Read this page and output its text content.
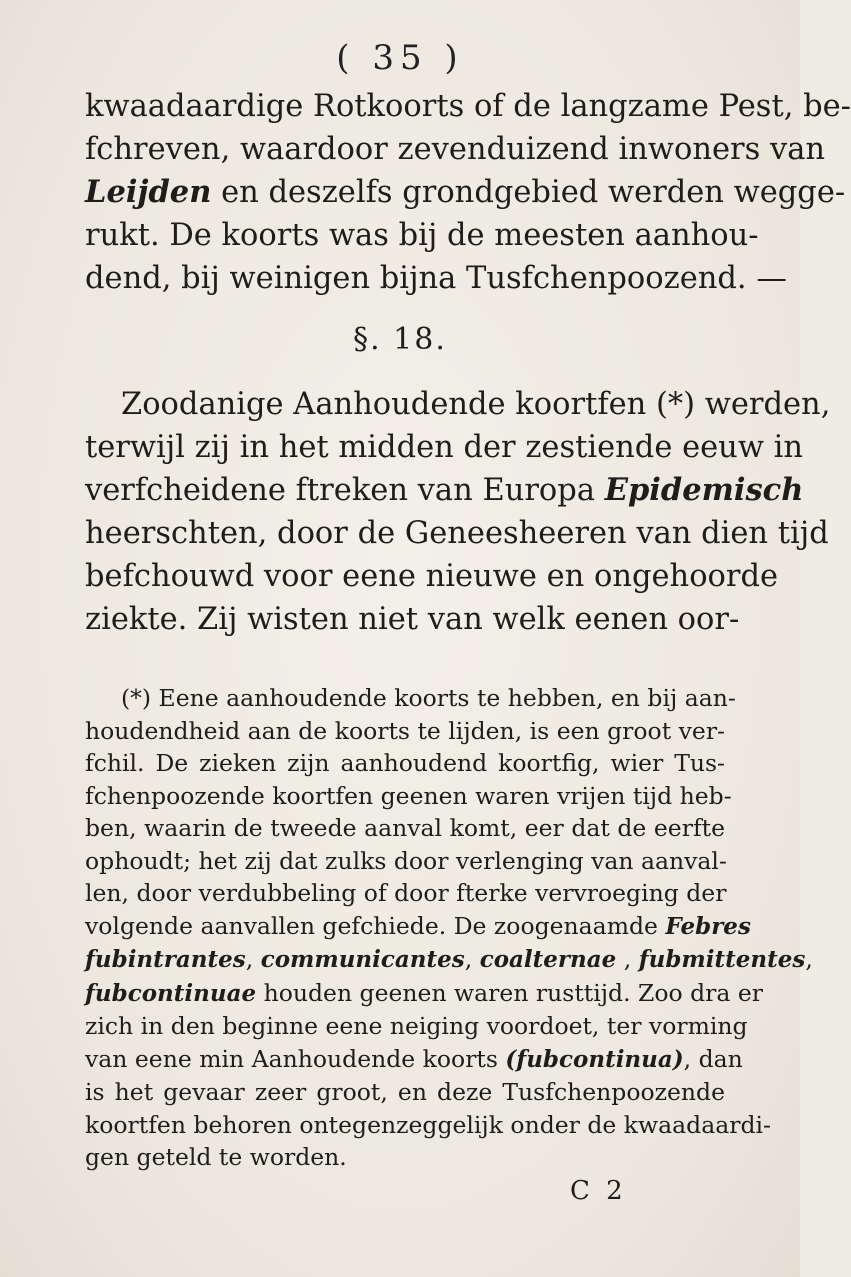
( 35 )
kwaadaardige Rotkoorts of de langzame Pest, be-
fchreven, waardoor zevenduizend inwoners van
Leijden en deszelfs grondgebied werden wegge-
rukt. De koorts was bij de meesten aanhou-
dend, bij weinigen bijna Tusfchenpoozend. —
§. 18.
Zoodanige Aanhoudende koortfen (*) werden,
terwijl zij in het midden der zestiende eeuw in
verfcheidene ftreken van Europa Epidemisch
heerschten, door de Geneesheeren van dien tijd
befchouwd voor eene nieuwe en ongehoorde
ziekte. Zij wisten niet van welk eenen oor-
(*) Eene aanhoudende koorts te hebben, en bij aan-
houdendheid aan de koorts te lijden, is een groot ver-
fchil. De zieken zijn aanhoudend koortfig, wier Tus-
fchenpoozende koortfen geenen waren vrijen tijd heb-
ben, waarin de tweede aanval komt, eer dat de eerfte
ophoudt; het zij dat zulks door verlenging van aanval-
len, door verdubbeling of door fterke vervroeging der
volgende aanvallen gefchiede. De zoogenaamde Febres
fubintrantes, communicantes, coalternae , fubmittentes,
fubcontinuae houden geenen waren rusttijd. Zoo dra er
zich in den beginne eene neiging voordoet, ter vorming
van eene min Aanhoudende koorts (fubcontinua), dan
is het gevaar zeer groot, en deze Tusfchenpoozende
koortfen behoren ontegenzeggelijk onder de kwaadaardi-
gen geteld te worden.
C 2
